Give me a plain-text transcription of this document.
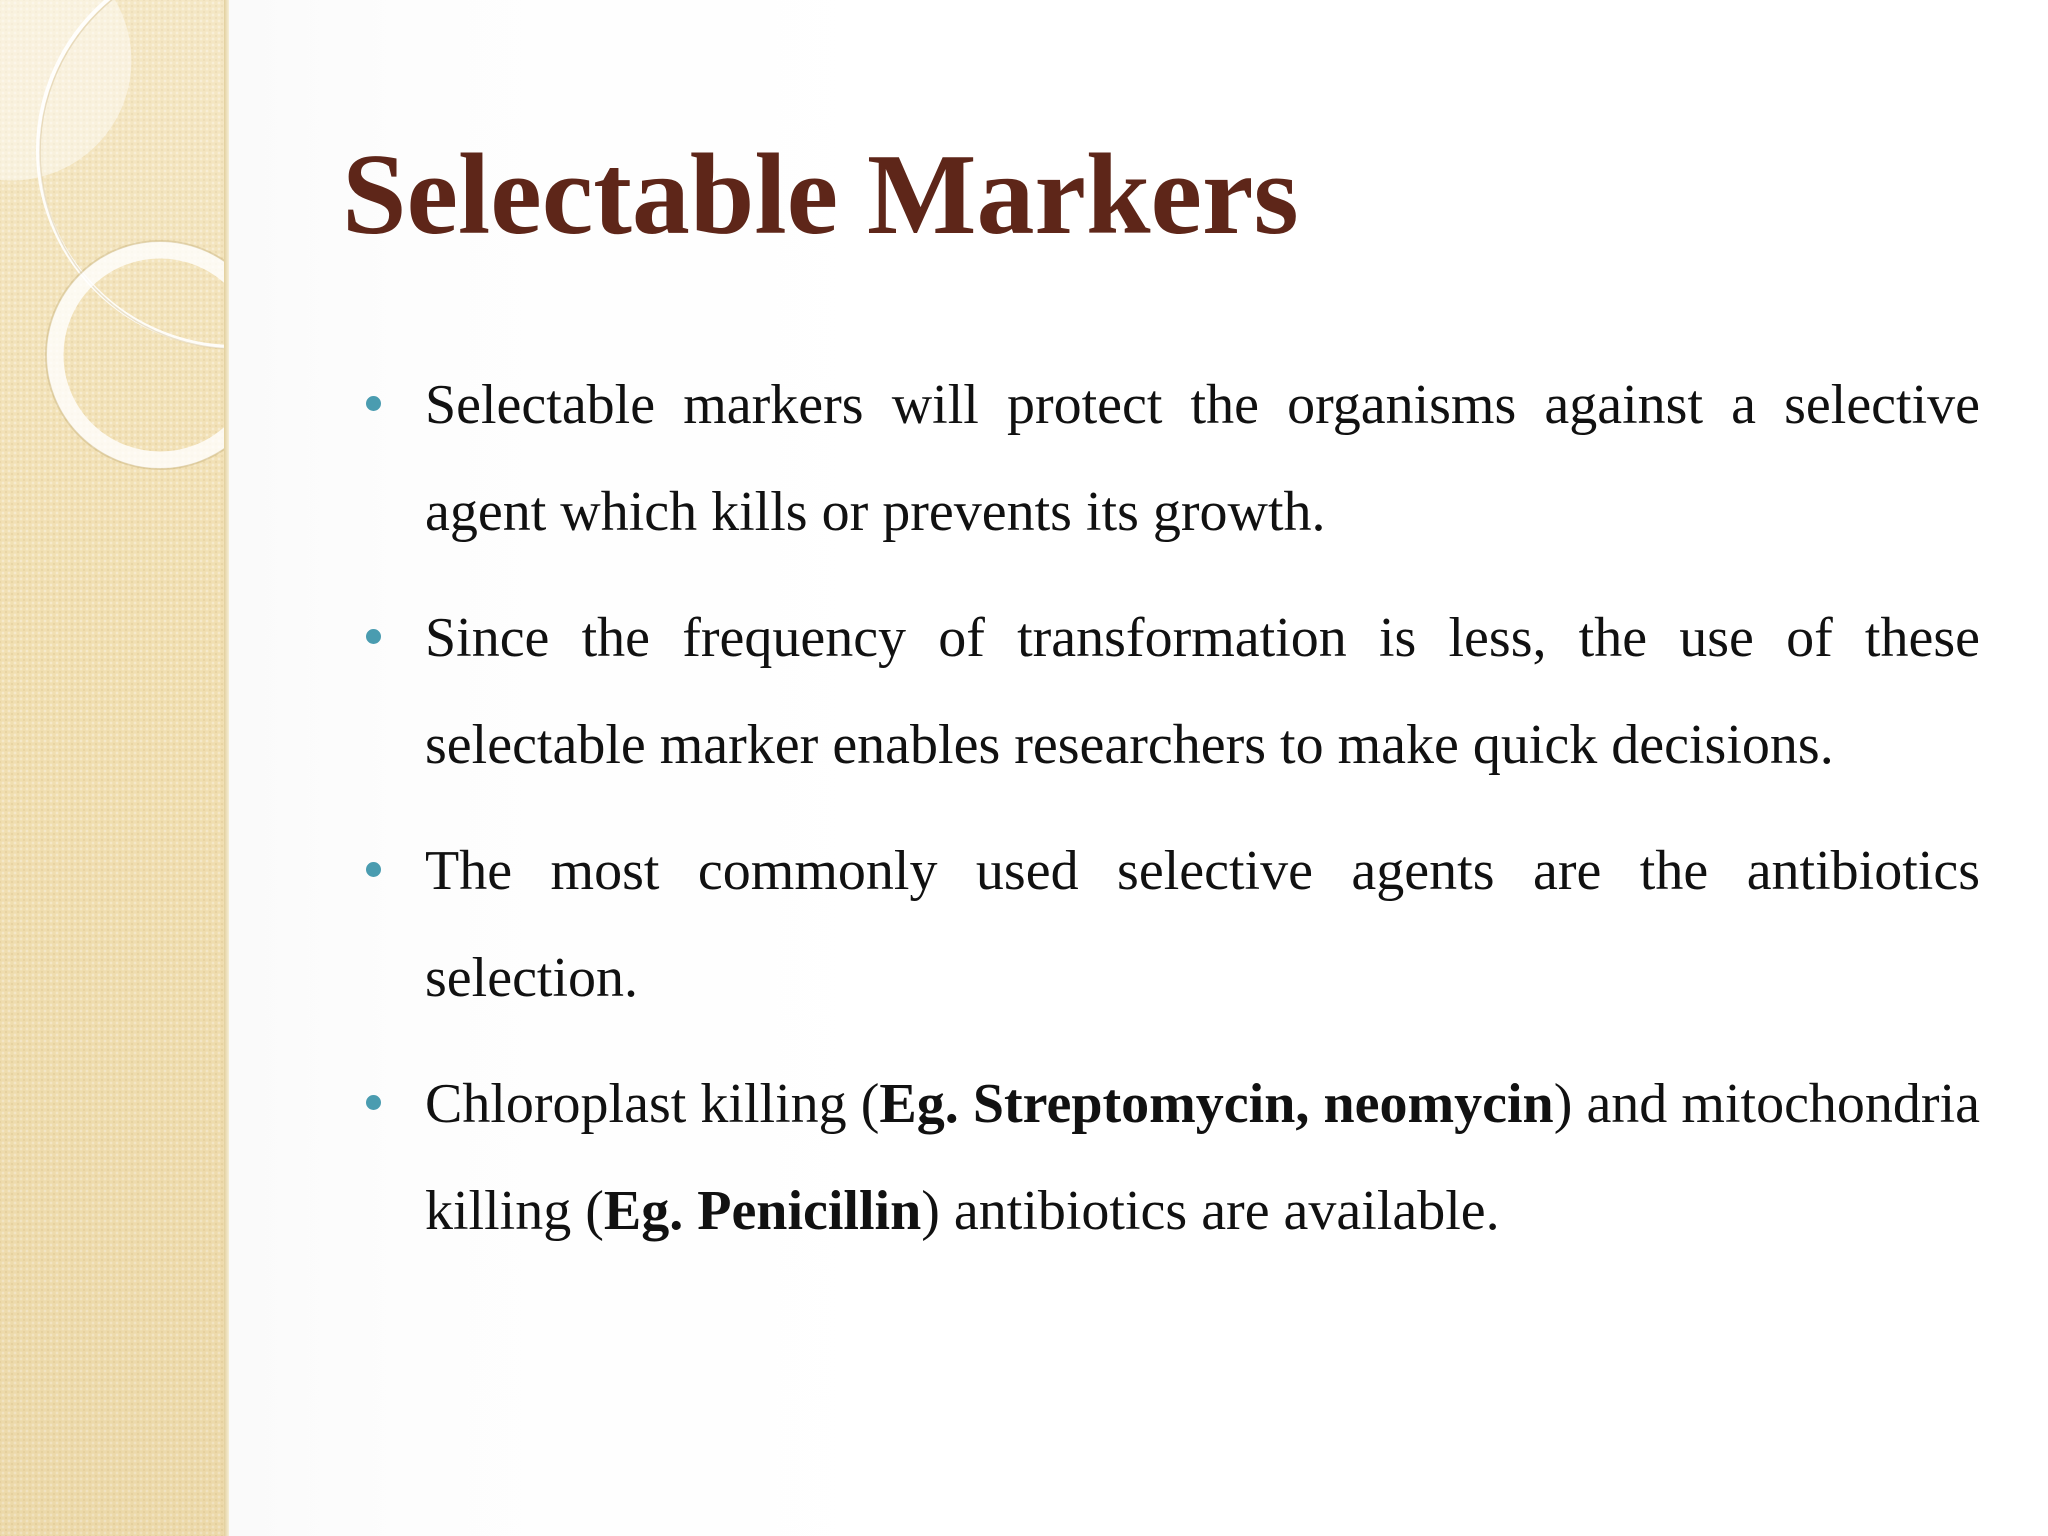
Selectable Markers
Selectable markers will protect the organisms against a selective agent which kills or prevents its growth.
Since the frequency of transformation is less, the use of these selectable marker enables researchers to make quick decisions.
The most commonly used selective agents are the antibiotics selection.
Chloroplast killing (Eg. Streptomycin, neomycin) and mitochondria killing (Eg. Penicillin) antibiotics are available.
